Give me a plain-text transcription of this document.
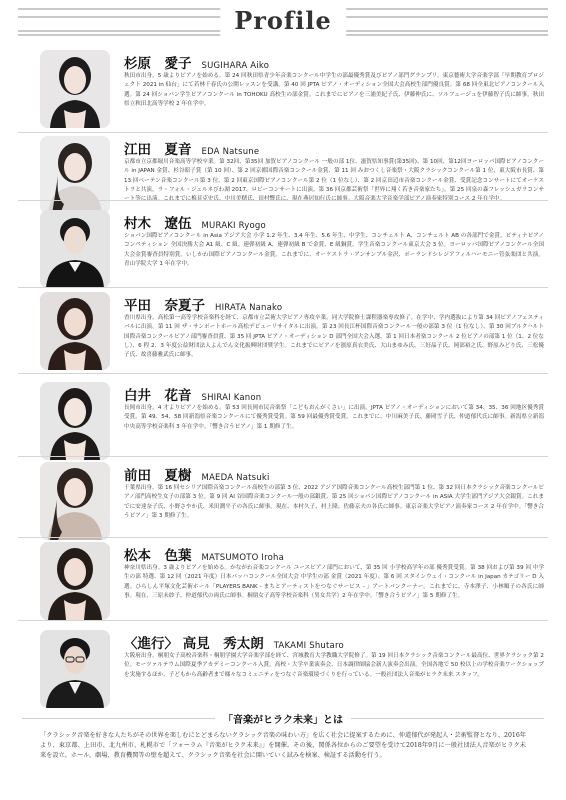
Profile
杉原　愛子 SUGIHARA Aiko
秋田市出身。5 歳よりピアノを始める。第 24 回秋田県青少年音楽コンクール中学生の部最優秀賞及びピアノ部門グランプリ。東京藝術大学音楽学部「早期教育プロジェクト 2021 in 仙台」にて若林千春氏の公開レッスンを受講。第 40 回 JPTA ピアノ・オーディション全国大会高校生部門優良賞。第 68 回全東北ピアノコンクール入選。第 24 回ショパン学生ピアノコンクール in TOHOKU 高校生の部金賞。これまでにピアノを三浦美紀子氏、伊藤伸氏に、ソルフェージュを伊藤智子氏に師事。秋田県立秋田北高等学校 2 年在学中。
江田　夏音 EDA Natsune
京都市立京都堀川音楽高等学校卒業。第 32回、第35回 加賀ピアノコンクール 一般の部 1位、滋賀県知事賞(第35回)、第 10回、第12回ヨーロッパ国際ピアノコンクール in JAPAN 金賞、杉谷昭子賞（第 10 回）、第 2 回京都国際音楽コンクール金賞、第 11 回 みおつくし音楽祭・大阪クラシックコンクール第 1 位、東大阪市長賞、第 13 回ベーテン音楽コンクール第 3 位、第 2 回東京国際ピアノコンクール第 2 位（1 位なし）、第 2 回京田辺市音楽コンクール金賞、受賞記念コンサートにてオーケストラと共演。ラ・フォル・ジュルネびわ湖 2017、ロビーコンサートに出演。第 36 回京都芸術祭「世界に翔く若き音楽家たち」。第 25 回泉の森フレッシュガラコンサ
村木　遼伍 MURAKI Ryogo
ショパン国際ピアノコンクール in Asia アジア大会 小学 1.2 年生、3.4 年生、5.6 年生、中学生、コンチェルト A、コンチェルト AB の各部門で金賞。ピティナピアノコンペティション 全国決勝大会 A1 級、C 級、連弾初級 A、連弾初級 B で金賞、E 級銅賞。学生音楽コンクール東京大会 3 位。ヨーロッパ国際ピアノコンクール全国大会金賞審査員特別賞。いしかわ国際ピアノコンクール金賞。これまでに、オーケストラ・アンサンブル金沢、ポーランドシレジアフィルハーモニー管弦楽団と共演。青山学院大学 1 年在学中。
平田　奈夏子 HIRATA Nanako
香川県出身。高松第一高等学校音楽科を経て、京都市立芸術大学ピアノ専攻卒業。同大学院修士課程器楽専攻修了。在学中、学内選抜により第 34 回ピアノフェスティバルに出演。第 11 回 ザ・サンポートホール高松デビューリサイタルに出演。第 23 回長江杯国際音楽コンクール一般の部第 3 位（1 位なし）、第 30 回ブルクハルト国際音楽コンクールピアノ部門審査員賞、第 35 回 JPTA ピアノ・オーディション D 部門全国大会入選、第 1 回日本者楽コンクール 2 位ピアノの部第 1 位（1、2 位なし）、6 程 2、3 年度公益財団法人よんでん文化振興財団奨学生。これまでにピアノを濱原真衣美氏、大山まゆみ氏、三好晶子氏、岡部裕之氏、野原みどり氏、三松優子氏、故喜藤雅武氏に師事。
白井　花音 SHIRAI Kanon
長岡市出身。4 才よりピアノを始める。第 53 回長岡市民音楽祭「こどもおんがくさい」に出演。JPTA ピアノ・オーディションにおいて第 34、35、36 回地区優秀賞受賞。第 49、54、58 回新潟県音楽コンクールにて優秀賞受賞。第 59 回最優秀賞受賞。これまでに、中川麻美子氏、藤岡雪子氏、仲道郁代氏に師事。新潟県立新潟中央高等学校音楽科 3 年在学中。「響き合うピアノ」第 1 期修了生。
前田　夏樹 MAEDA Natsuki
千葉県出身。第 16 回セシリア国際音楽コンクール高校生の部第 3 位、2022 アジア国際音楽コンクール高校生部門第 1 位、第 32 回日本クラシック音楽コンクールピアノ部門高校生女子の部第 3 位。第 9 回 AI 谷国際音楽コンクール一般の部銀賞、第 25 回ショパン国際ピアノコンクール in ASIA 大学生部門アジア大会銀賞。これまでに安達奈子氏、小野さやか氏、米田潤平子の各氏に師事。現在、本村久子、村上隆、佐藤京夫の各氏に師事。東京音楽大学ピアノ演奏家コース 2 年在学中。「響き合うピアノ」第 3 期修了生。
松本　色葉 MATSUMOTO Iroha
神奈川県出身。3 歳よりピアノを始める。かながわ音楽コンクール ユースピアノ部門において、第 35 回 小学校高学年の部 優秀賞受賞。第 38 回および第 39 回 中学生の部 特選、第 12 回（2021 年度）日本バッハコンクール全国大会 中学生の部 金賞（2021 年度）、第 6 回 スタインウェイ・コンクール in Japan カテゴリー D 入選。ひらしん平塚文化芸術ホール「PLAYERS BANK - まちとアーティストをつなぐサービス - 」アートバンクーナー。これまでに、寺本澤子、小林順子の各氏に師事。現在、三原未紗子、仲道郁代の両氏に師事。桐朋女子高等学校音楽科（男女共学）2 年在学中。「響き合うピアノ」第 5 期修了生。
〈進行〉 高見　秀太朗 TAKAMI Shutaro
大阪府出身。桐朋女子高校音楽科・桐朋学園大学音楽学部を経て、宮城教育大学教職大学院修了。第 19 回日本クラシック音楽コンクール最高位、世界クラシック第 2 位。モーツァルテウム国際夏季アカデミーコンクール入賞。高校・大学卒業演奏会、日本調律師協会新人演奏会出演。全国各地で 50 校以上の学校音楽ワークショップを実施するほか、子どもから高齢者まで様々なコミュニティをつなぐ音楽環境づくりを行っている。一般社団法人音楽がヒラク未来 スタッフ。
「音楽がヒラク未来」とは
「クラシック音楽を好きな人たちがその世界を楽しむにとどまらないクラシック音楽の味わい方」を広く社会に提案するために、仲道郁代が発起人・芸術監督となり、2016年より、東京都、上田市、北九州市、札幌市で「フォーラム『音楽がヒラク未来』」を開催。その後、関係各位からのご要望を受けて2018年9月に一般社団法人音楽がヒラク未来を設立。ホール、劇場、教育機関等の壁を超えて、クラシック音楽を社会に開いていく試みを検案、検証する活動を行う。
